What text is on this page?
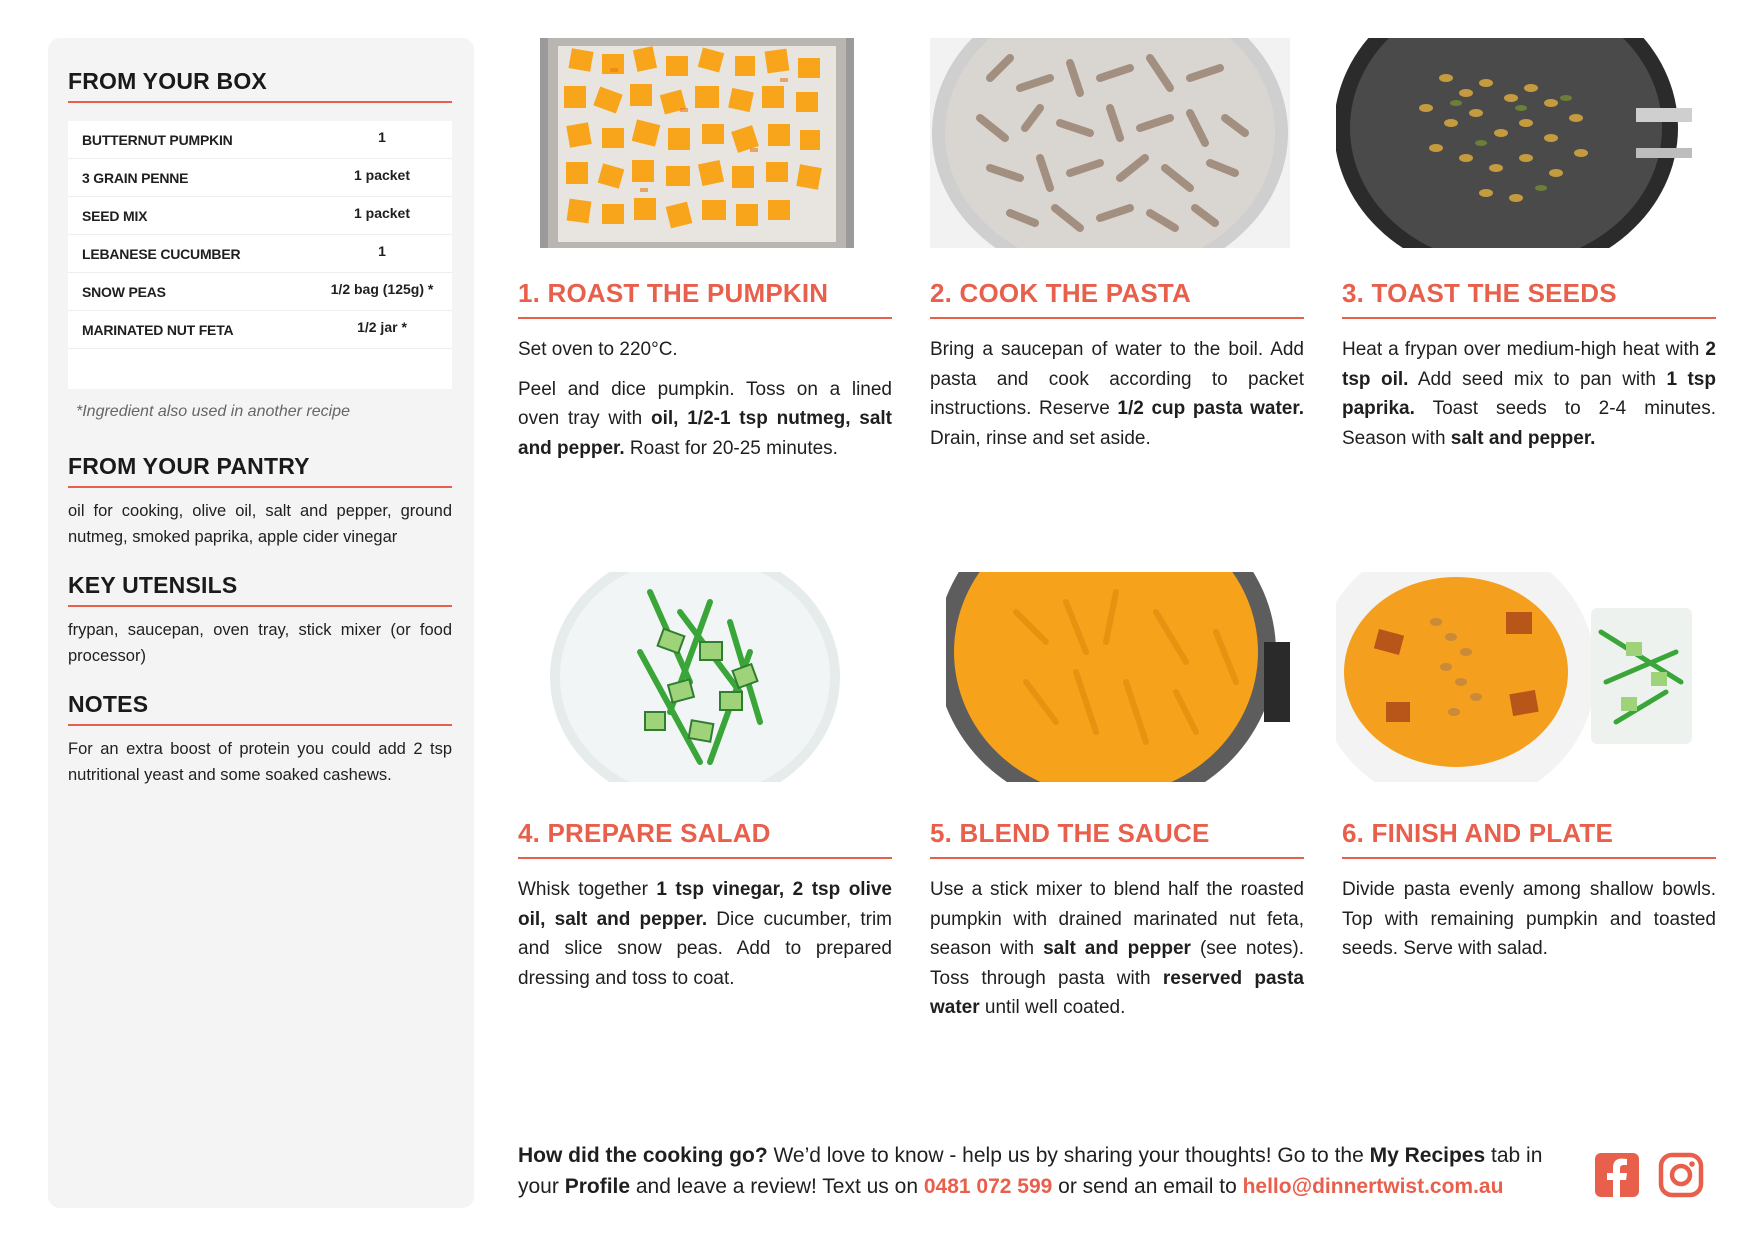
FROM YOUR BOX
BUTTERNUT PUMPKIN	1
3 GRAIN PENNE	1 packet
SEED MIX	1 packet
LEBANESE CUCUMBER	1
SNOW PEAS	1/2 bag (125g) *
MARINATED NUT FETA	1/2 jar *
*Ingredient also used in another recipe
FROM YOUR PANTRY
oil for cooking, olive oil, salt and pepper, ground nutmeg, smoked paprika, apple cider vinegar
KEY UTENSILS
frypan, saucepan, oven tray, stick mixer (or food processor)
NOTES
For an extra boost of protein you could add 2 tsp nutritional yeast and some soaked cashews.
1. ROAST THE PUMPKIN

Set oven to 220°C.

Peel and dice pumpkin. Toss on a lined oven tray with oil, 1/2-1 tsp nutmeg, salt and pepper. Roast for 20-25 minutes.

2. COOK THE PASTA

Bring a saucepan of water to the boil. Add pasta and cook according to packet instructions. Reserve 1/2 cup pasta water. Drain, rinse and set aside.

3. TOAST THE SEEDS

Heat a frypan over medium-high heat with 2 tsp oil. Add seed mix to pan with 1 tsp paprika. Toast seeds to 2-4 minutes. Season with salt and pepper.

4. PREPARE SALAD

Whisk together 1 tsp vinegar, 2 tsp olive oil, salt and pepper. Dice cucumber, trim and slice snow peas. Add to prepared dressing and toss to coat.

5. BLEND THE SAUCE

Use a stick mixer to blend half the roasted pumpkin with drained marinated nut feta, season with salt and pepper (see notes). Toss through pasta with reserved pasta water until well coated.

6. FINISH AND PLATE

Divide pasta evenly among shallow bowls. Top with remaining pumpkin and toasted seeds. Serve with salad.

How did the cooking go? We’d love to know - help us by sharing your thoughts! Go to the My Recipes tab in your Profile and leave a review! Text us on 0481 072 599 or send an email to hello@dinnertwist.com.au
